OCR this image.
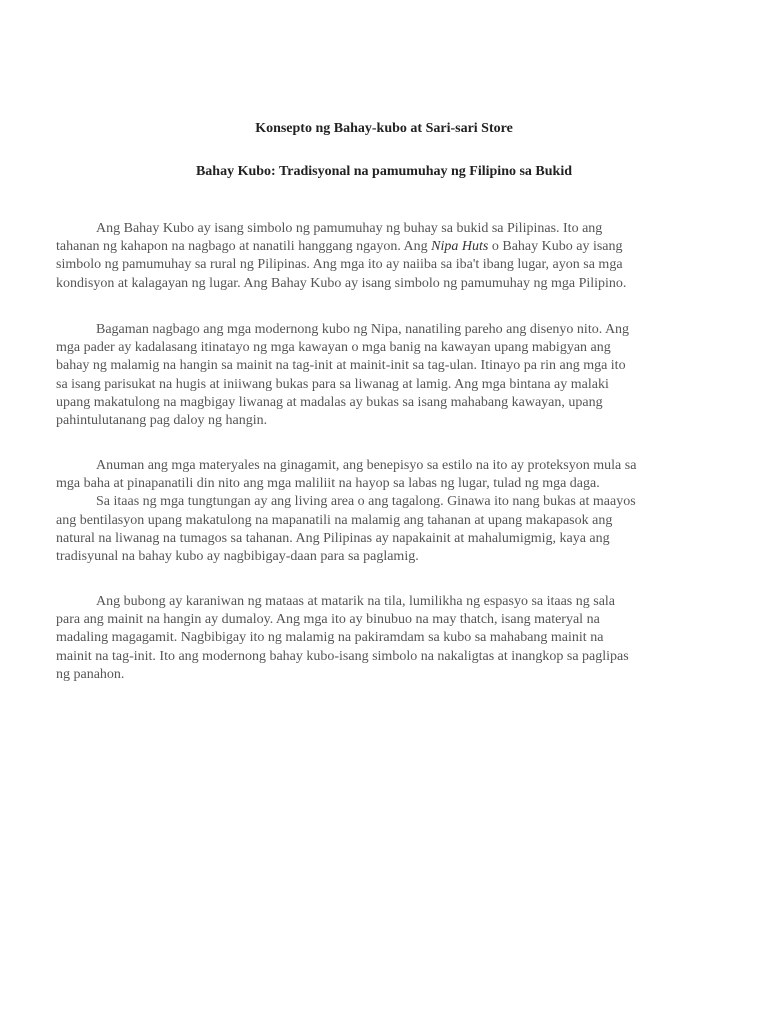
Konsepto ng Bahay-kubo at Sari-sari Store
Bahay Kubo: Tradisyonal na pamumuhay ng Filipino sa Bukid
Ang Bahay Kubo ay isang simbolo ng pamumuhay ng buhay sa bukid sa Pilipinas. Ito ang
tahanan ng kahapon na nagbago at nanatili hanggang ngayon. Ang Nipa Huts o Bahay Kubo ay isang
simbolo ng pamumuhay sa rural ng Pilipinas. Ang mga ito ay naiiba sa iba't ibang lugar, ayon sa mga
kondisyon at kalagayan ng lugar. Ang Bahay Kubo ay isang simbolo ng pamumuhay ng mga Pilipino.
Bagaman nagbago ang mga modernong kubo ng Nipa, nanatiling pareho ang disenyo nito. Ang
mga pader ay kadalasang itinatayo ng mga kawayan o mga banig na kawayan upang mabigyan ang
bahay ng malamig na hangin sa mainit na tag-init at mainit-init sa tag-ulan. Itinayo pa rin ang mga ito
sa isang parisukat na hugis at iniiwang bukas para sa liwanag at lamig. Ang mga bintana ay malaki
upang makatulong na magbigay liwanag at madalas ay bukas sa isang mahabang kawayan, upang
pahintulutanang pag daloy ng hangin.
Anuman ang mga materyales na ginagamit, ang benepisyo sa estilo na ito ay proteksyon mula sa
mga baha at pinapanatili din nito ang mga maliliit na hayop sa labas ng lugar, tulad ng mga daga.
Sa itaas ng mga tungtungan ay ang living area o ang tagalong. Ginawa ito nang bukas at maayos
ang bentilasyon upang makatulong na mapanatili na malamig ang tahanan at upang makapasok ang
natural na liwanag na tumagos sa tahanan. Ang Pilipinas ay napakainit at mahalumigmig, kaya ang
tradisyunal na bahay kubo ay nagbibigay-daan para sa paglamig.
Ang bubong ay karaniwan ng mataas at matarik na tila, lumilikha ng espasyo sa itaas ng sala
para ang mainit na hangin ay dumaloy. Ang mga ito ay binubuo na may thatch, isang materyal na
madaling magagamit. Nagbibigay ito ng malamig na pakiramdam sa kubo sa mahabang mainit na
mainit na tag-init. Ito ang modernong bahay kubo-isang simbolo na nakaligtas at inangkop sa paglipas
ng panahon.
